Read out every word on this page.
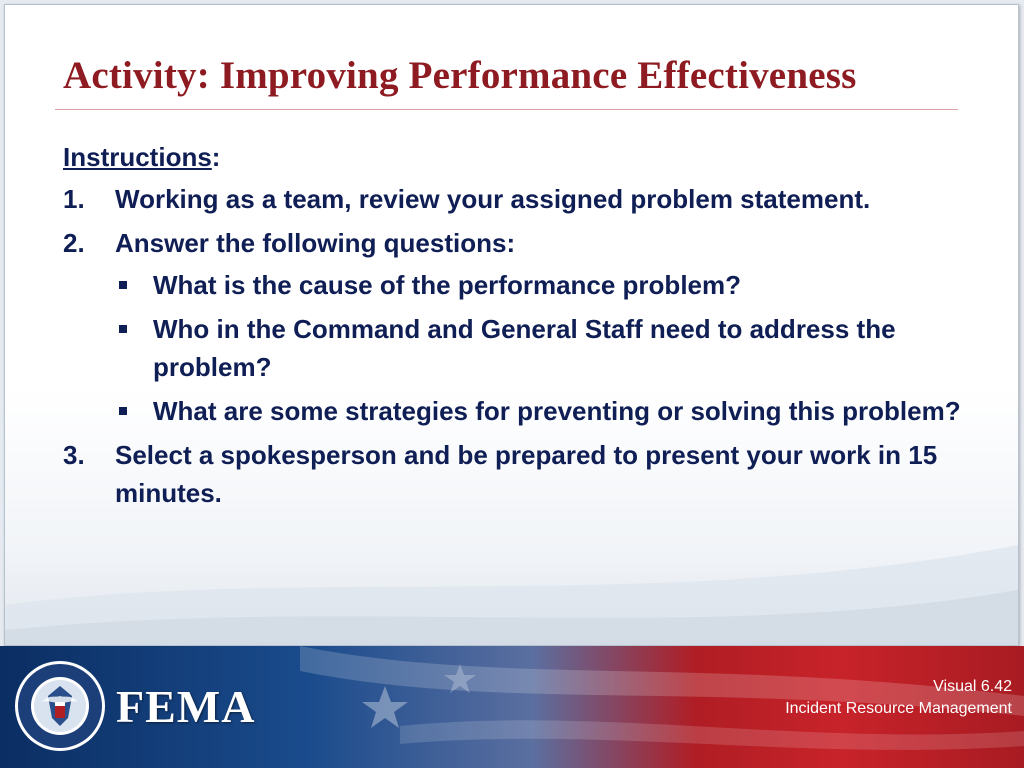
Activity: Improving Performance Effectiveness
Instructions:
1. Working as a team, review your assigned problem statement.
2. Answer the following questions:
What is the cause of the performance problem?
Who in the Command and General Staff need to address the problem?
What are some strategies for preventing or solving this problem?
3. Select a spokesperson and be prepared to present your work in 15 minutes.
FEMA	Visual 6.42
Incident Resource Management
